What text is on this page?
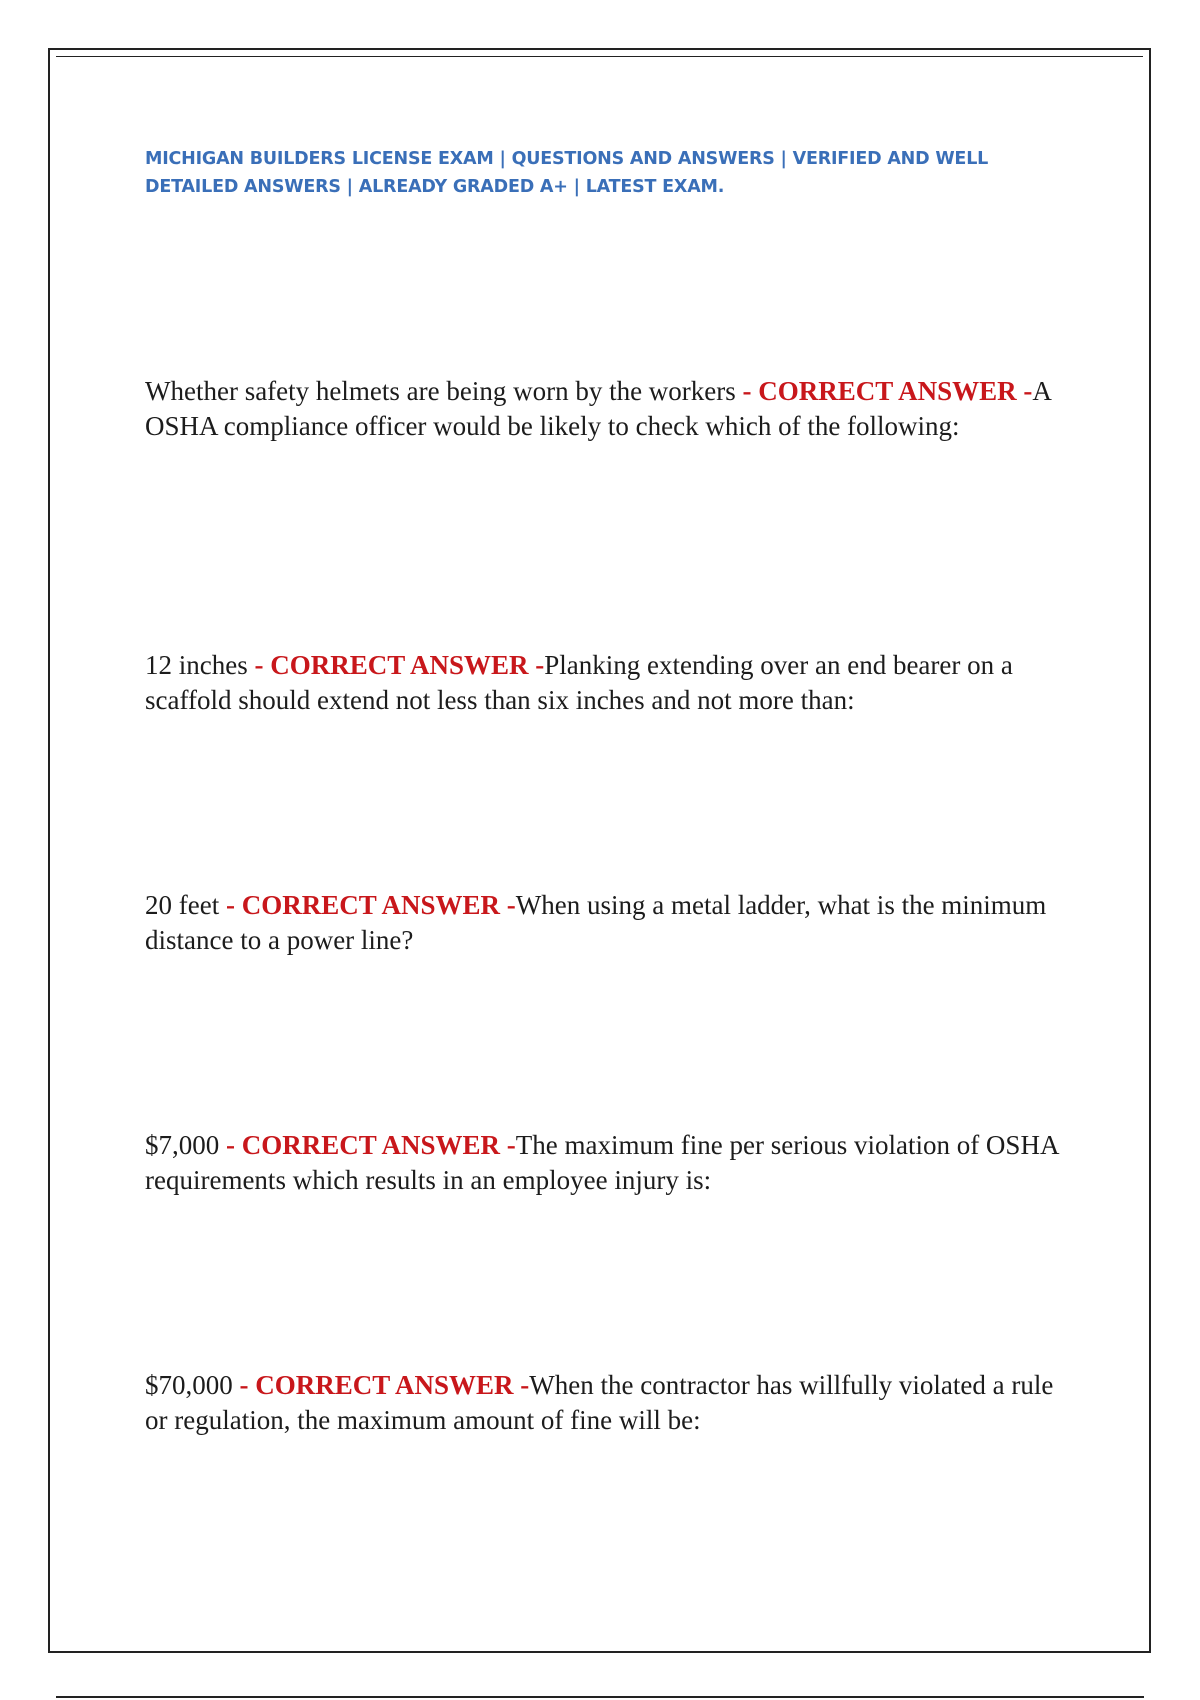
MICHIGAN BUILDERS LICENSE EXAM | QUESTIONS AND ANSWERS | VERIFIED AND WELL DETAILED ANSWERS | ALREADY GRADED A+ | LATEST EXAM.
Whether safety helmets are being worn by the workers - CORRECT ANSWER -A OSHA compliance officer would be likely to check which of the following:
12 inches - CORRECT ANSWER -Planking extending over an end bearer on a scaffold should extend not less than six inches and not more than:
20 feet - CORRECT ANSWER -When using a metal ladder, what is the minimum distance to a power line?
$7,000 - CORRECT ANSWER -The maximum fine per serious violation of OSHA requirements which results in an employee injury is:
$70,000 - CORRECT ANSWER -When the contractor has willfully violated a rule or regulation, the maximum amount of fine will be:
